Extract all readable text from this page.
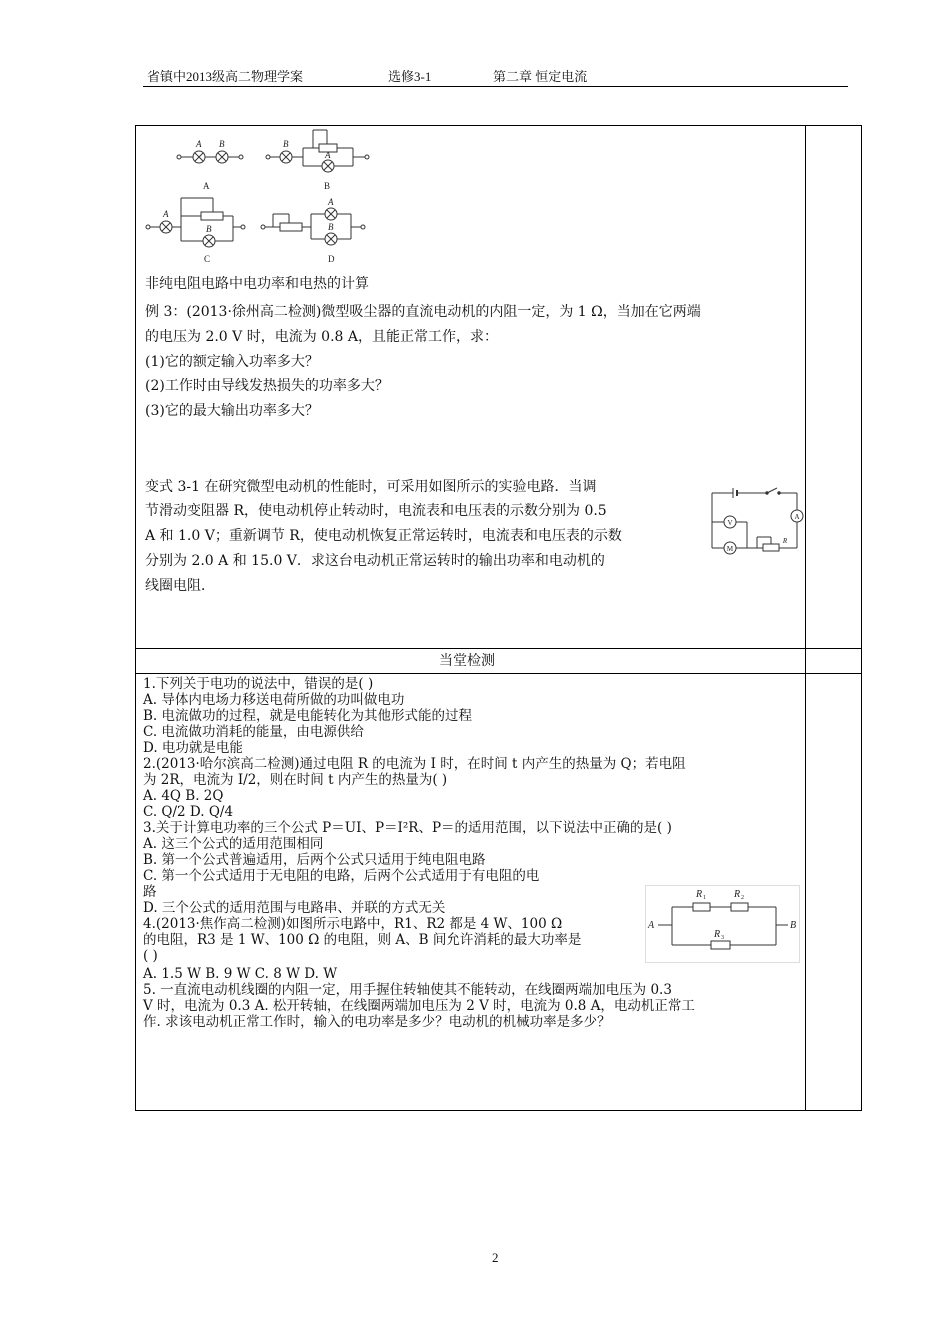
省镇中2013级高二物理学案	选修3-1	第二章 恒定电流
A B	B
A
A
B
A
B
A	B
C	D
非纯电阻电路中电功率和电热的计算
例 3：(2013·徐州高二检测)微型吸尘器的直流电动机的内阻一定，为 1 Ω，当加在它两端
的电压为 2.0 V 时，电流为 0.8 A，且能正常工作，求：
(1)它的额定输入功率多大？
(2)工作时由导线发热损失的功率多大？
(3)它的最大输出功率多大？
变式 3-1 在研究微型电动机的性能时，可采用如图所示的实验电路．当调
节滑动变阻器 R，使电动机停止转动时，电流表和电压表的示数分别为 0.5
A 和 1.0 V；重新调节 R，使电动机恢复正常运转时，电流表和电压表的示数
分别为 2.0 A 和 15.0 V．求这台电动机正常运转时的输出功率和电动机的
线圈电阻．
V
A
M
R
当堂检测
1.下列关于电功的说法中，错误的是( )
A. 导体内电场力移送电荷所做的功叫做电功
B. 电流做功的过程，就是电能转化为其他形式能的过程
C. 电流做功消耗的能量，由电源供给
D. 电功就是电能
2.(2013·哈尔滨高二检测)通过电阻 R 的电流为 I 时，在时间 t 内产生的热量为 Q；若电阻
为 2R，电流为 I/2，则在时间 t 内产生的热量为( )
A. 4Q B. 2Q
C. Q/2 D. Q/4
3.关于计算电功率的三个公式 P＝UI、P＝I²R、P＝的适用范围，以下说法中正确的是( )
A. 这三个公式的适用范围相同
B. 第一个公式普遍适用，后两个公式只适用于纯电阻电路
C. 第一个公式适用于无电阻的电路，后两个公式适用于有电阻的电
路
D. 三个公式的适用范围与电路串、并联的方式无关
4.(2013·焦作高二检测)如图所示电路中，R1、R2 都是 4 W、100 Ω
的电阻，R3 是 1 W、100 Ω 的电阻，则 A、B 间允许消耗的最大功率是
( )
A. 1.5 W B. 9 W C. 8 W D. W
5. 一直流电动机线圈的内阻一定，用手握住转轴使其不能转动，在线圈两端加电压为 0.3
V 时，电流为 0.3 A. 松开转轴，在线圈两端加电压为 2 V 时，电流为 0.8 A，电动机正常工
作. 求该电动机正常工作时，输入的电功率是多少？电动机的机械功率是多少？
A	B
R 1	R 2
R 3
2
